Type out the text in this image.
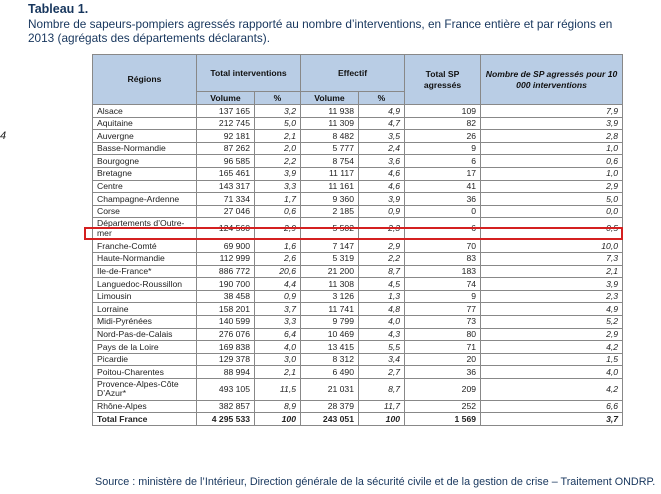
Tableau 1.
Nombre de sapeurs-pompiers agressés rapporté au nombre d’interventions, en France entière et par régions en 2013 (agrégats des départements déclarants).
4
Régions	Total interventions		Effectif		Total SP agressés	Nombre de SP agressés pour 10 000 interventions
	Volume	%	Volume	%		
Alsace	137 165	3,2	11 938	4,9	109	7,9
Aquitaine	212 745	5,0	11 309	4,7	82	3,9
Auvergne	92 181	2,1	8 482	3,5	26	2,8
Basse-Normandie	87 262	2,0	5 777	2,4	9	1,0
Bourgogne	96 585	2,2	8 754	3,6	6	0,6
Bretagne	165 461	3,9	11 117	4,6	17	1,0
Centre	143 317	3,3	11 161	4,6	41	2,9
Champagne-Ardenne	71 334	1,7	9 360	3,9	36	5,0
Corse	27 046	0,6	2 185	0,9	0	0,0
Départements d’Outre-mer	124 560	2,9	5 502	2,3	6	0,5
Franche-Comté	69 900	1,6	7 147	2,9	70	10,0
Haute-Normandie	112 999	2,6	5 319	2,2	83	7,3
Ile-de-France*	886 772	20,6	21 200	8,7	183	2,1
Languedoc-Roussillon	190 700	4,4	11 308	4,5	74	3,9
Limousin	38 458	0,9	3 126	1,3	9	2,3
Lorraine	158 201	3,7	11 741	4,8	77	4,9
Midi-Pyrénées	140 599	3,3	9 799	4,0	73	5,2
Nord-Pas-de-Calais	276 076	6,4	10 469	4,3	80	2,9
Pays de la Loire	169 838	4,0	13 415	5,5	71	4,2
Picardie	129 378	3,0	8 312	3,4	20	1,5
Poitou-Charentes	88 994	2,1	6 490	2,7	36	4,0
Provence-Alpes-Côte D’Azur*	493 105	11,5	21 031	8,7	209	4,2
Rhône-Alpes	382 857	8,9	28 379	11,7	252	6,6
Total France	4 295 533	100	243 051	100	1 569	3,7
Source : ministère de l’Intérieur, Direction générale de la sécurité civile et de la gestion de crise – Traitement ONDRP.
